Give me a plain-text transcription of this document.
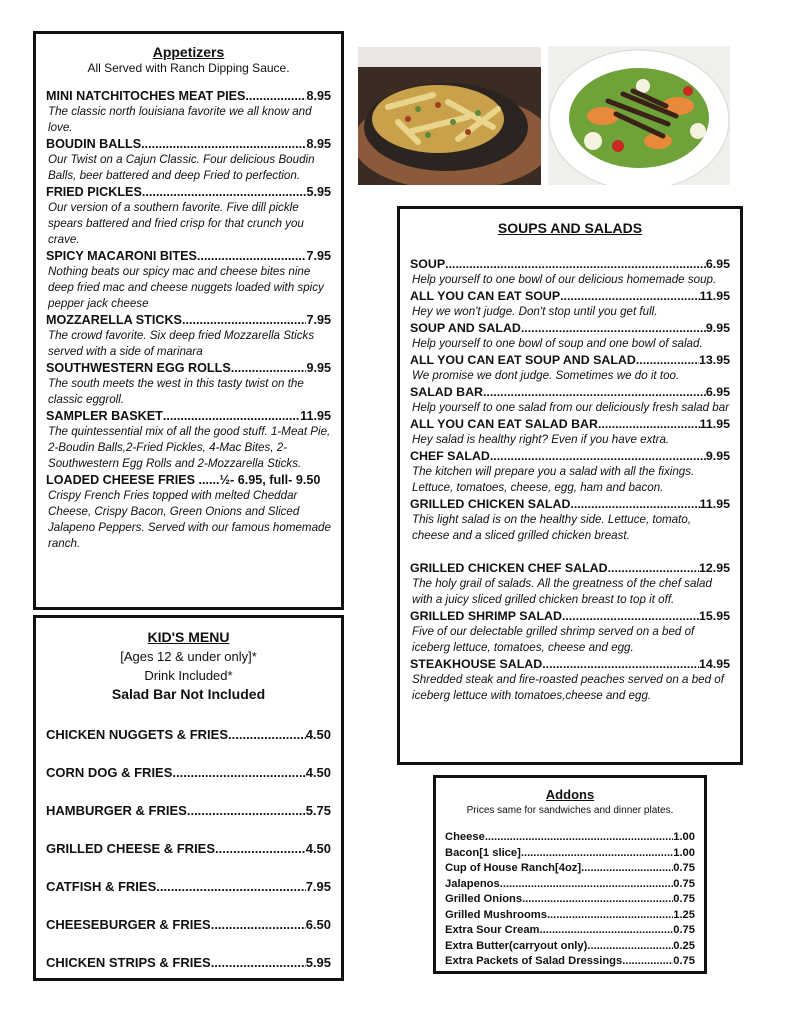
Appetizers
All Served with Ranch Dipping Sauce.
MINI NATCHITOCHES MEAT PIES .....	8.95
The classic north louisiana favorite we all know and love.
BOUDIN BALLS .....	8.95
Our Twist on a Cajun Classic. Four delicious Boudin Balls, beer battered and deep Fried to perfection.
FRIED PICKLES .....	5.95
Our version of a southern favorite. Five dill pickle spears battered and fried crisp for that crunch you crave.
SPICY MACARONI BITES .....	7.95
Nothing beats our spicy mac and cheese bites nine deep fried mac and cheese nuggets loaded with spicy pepper jack cheese
MOZZARELLA STICKS .....	7.95
The crowd favorite. Six deep fried Mozzarella Sticks served with a side of marinara
SOUTHWESTERN EGG ROLLS .....	9.95
The south meets the west in this tasty twist on the classic eggroll.
SAMPLER BASKET .....	11.95
The quintessential mix of all the good stuff. 1-Meat Pie, 2-Boudin Balls,2-Fried Pickles, 4-Mac Bites, 2- Southwestern Egg Rolls and 2-Mozzarella Sticks.
LOADED CHEESE FRIES ......½- 6.95, full- 9.50
Crispy French Fries topped with melted Cheddar Cheese, Crispy Bacon, Green Onions and Sliced Jalapeno Peppers. Served with our famous homemade ranch.
KID'S MENU
[Ages 12 & under only]*
Drink Included*
Salad Bar Not Included
CHICKEN NUGGETS & FRIES .....	4.50
CORN DOG & FRIES .....	4.50
HAMBURGER & FRIES .....	5.75
GRILLED CHEESE & FRIES .....	4.50
CATFISH & FRIES .....	7.95
CHEESEBURGER & FRIES .....	6.50
CHICKEN STRIPS & FRIES .....	5.95
SOUPS AND SALADS
SOUP .....	6.95
Help yourself to one bowl of our delicious homemade soup.
ALL YOU CAN EAT SOUP .....	11.95
Hey we won't judge. Don't stop until you get full.
SOUP AND SALAD .....	9.95
Help yourself to one bowl of soup and one bowl of salad.
ALL YOU CAN EAT SOUP AND SALAD .....	13.95
We promise we dont judge. Sometimes we do it too.
SALAD BAR .....	6.95
Help yourself to one salad from our deliciously fresh salad bar
ALL YOU CAN EAT SALAD BAR .....	11.95
Hey salad is healthy right? Even if you have extra.
CHEF SALAD .....	9.95
The kitchen will prepare you a salad with all the fixings. Lettuce, tomatoes, cheese, egg, ham and bacon.
GRILLED CHICKEN SALAD .....	11.95
This light salad is on the healthy side. Lettuce, tomato, cheese and a sliced grilled chicken breast.
GRILLED CHICKEN CHEF SALAD .....	12.95
The holy grail of salads. All the greatness of the chef salad with a juicy sliced grilled chicken breast to top it off.
GRILLED SHRIMP SALAD .....	15.95
Five of our delectable grilled shrimp served on a bed of iceberg lettuce, tomatoes, cheese and egg.
STEAKHOUSE SALAD .....	14.95
Shredded steak and fire-roasted peaches served on a bed of iceberg lettuce with tomatoes,cheese and egg.
Addons
Prices same for sandwiches and dinner plates.
Cheese .....	1.00
Bacon[1 slice] .....	1.00
Cup of House Ranch[4oz] .....	0.75
Jalapenos .....	0.75
Grilled Onions .....	0.75
Grilled Mushrooms .....	1.25
Extra Sour Cream .....	0.75
Extra Butter(carryout only) .....	0.25
Extra Packets of Salad Dressings .....	0.75
